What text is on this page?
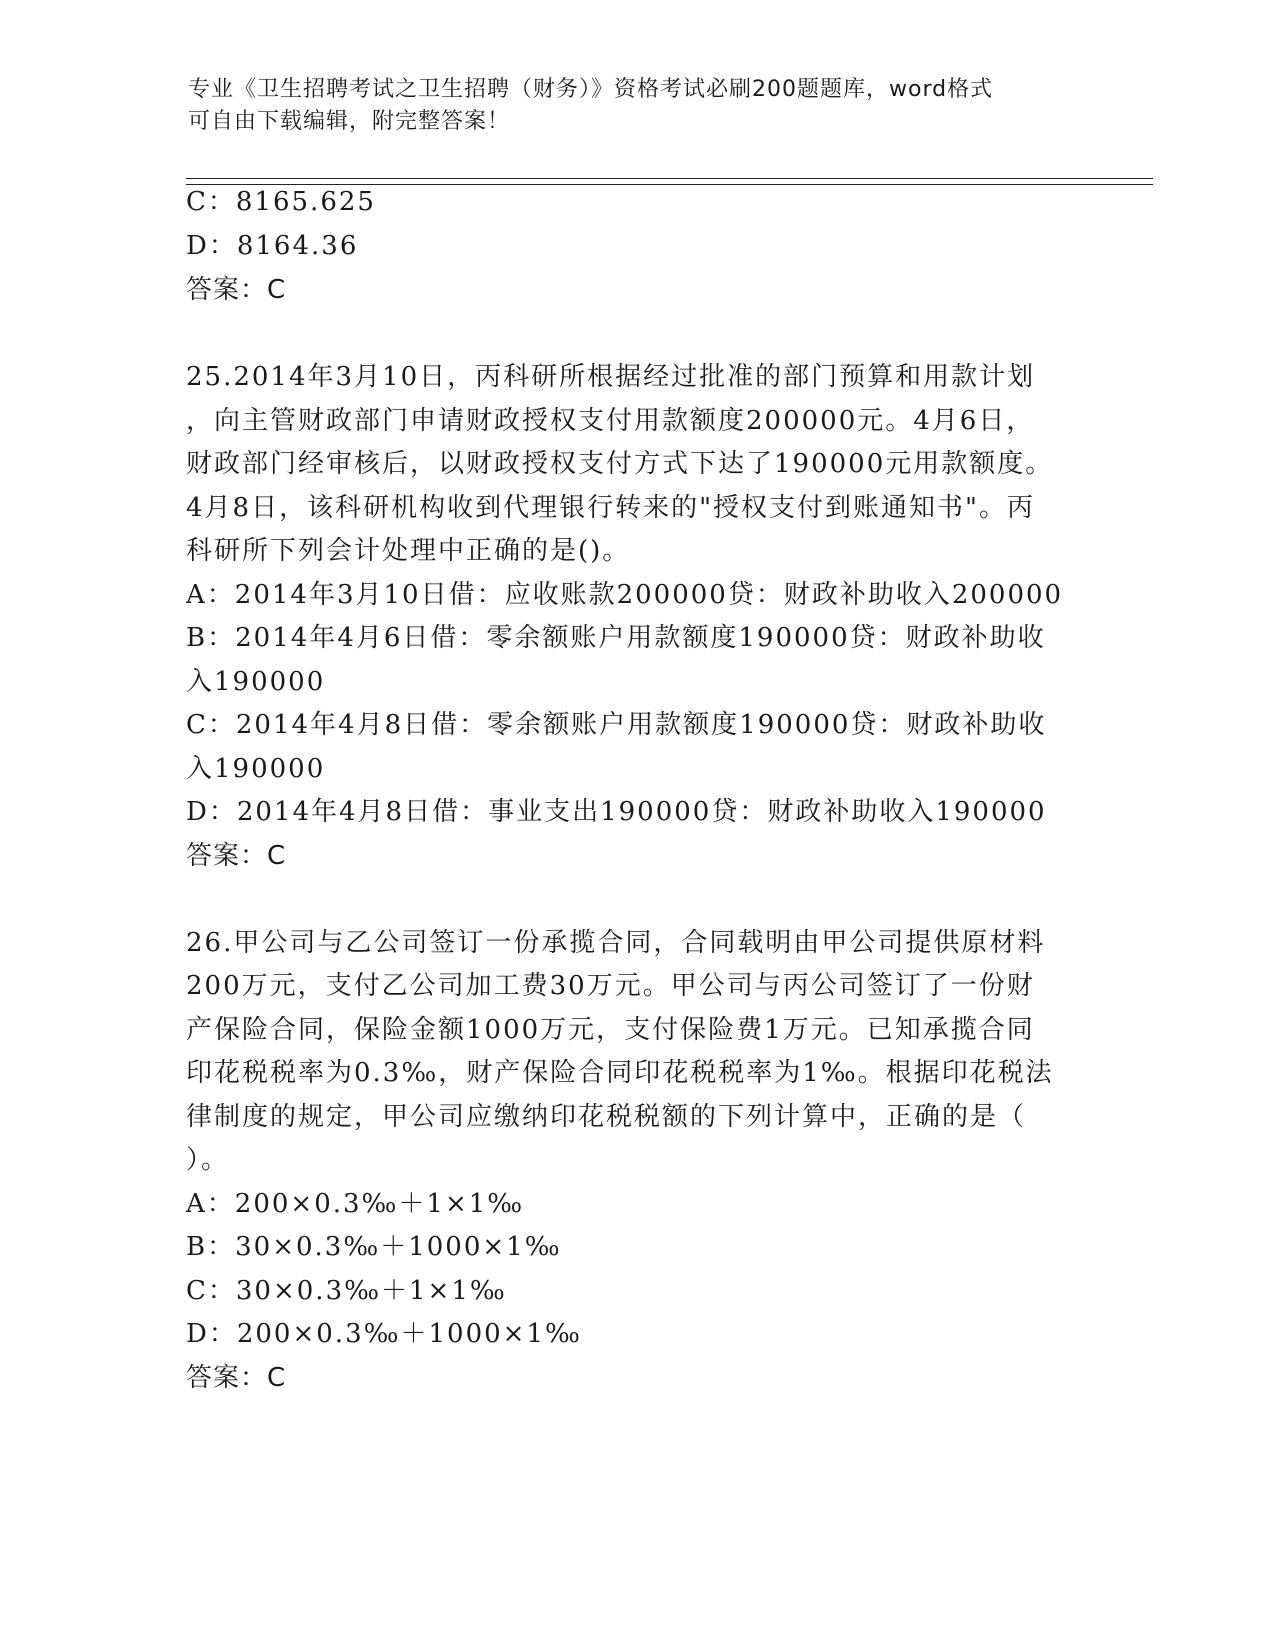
专业《卫生招聘考试之卫生招聘（财务）》资格考试必刷200题题库，word格式
可自由下载编辑，附完整答案！
C：8165.625
D：8164.36
答案：C
25.2014年3月10日，丙科研所根据经过批准的部门预算和用款计划
，向主管财政部门申请财政授权支付用款额度200000元。4月6日，
财政部门经审核后，以财政授权支付方式下达了190000元用款额度。
4月8日，该科研机构收到代理银行转来的"授权支付到账通知书"。丙
科研所下列会计处理中正确的是()。
A：2014年3月10日借：应收账款200000贷：财政补助收入200000
B：2014年4月6日借：零余额账户用款额度190000贷：财政补助收
入190000
C：2014年4月8日借：零余额账户用款额度190000贷：财政补助收
入190000
D：2014年4月8日借：事业支出190000贷：财政补助收入190000
答案：C
26.甲公司与乙公司签订一份承揽合同，合同载明由甲公司提供原材料
200万元，支付乙公司加工费30万元。甲公司与丙公司签订了一份财
产保险合同，保险金额1000万元，支付保险费1万元。已知承揽合同
印花税税率为0.3‰，财产保险合同印花税税率为1‰。根据印花税法
律制度的规定，甲公司应缴纳印花税税额的下列计算中，正确的是（
）。
A：200×0.3‰＋1×1‰
B：30×0.3‰＋1000×1‰
C：30×0.3‰＋1×1‰
D：200×0.3‰＋1000×1‰
答案：C
